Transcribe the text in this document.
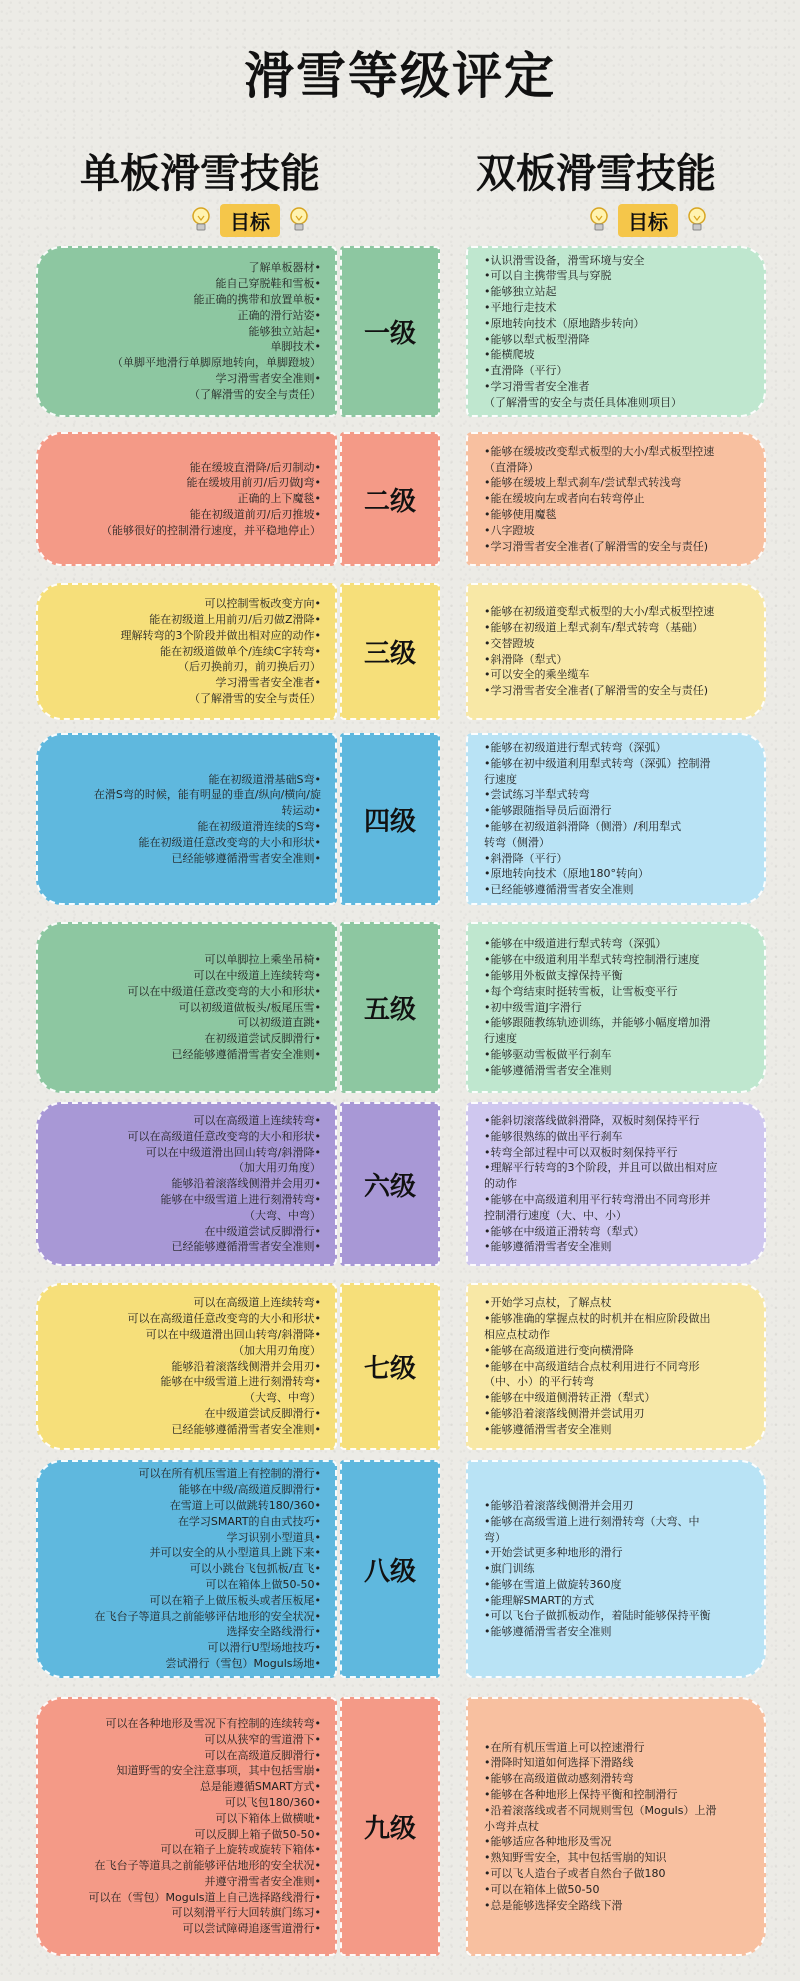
滑雪等级评定
单板滑雪技能	双板滑雪技能
目标	目标
了解单板器材•
能自己穿脱鞋和雪板•
能正确的携带和放置单板•
正确的滑行站姿•
能够独立站起•
单脚技术•
（单脚平地滑行单脚原地转向，单脚蹬坡）
学习滑雪者安全准则•
（了解滑雪的安全与责任）
一级
•认识滑雪设备，滑雪环境与安全
•可以自主携带雪具与穿脱
•能够独立站起
•平地行走技术
•原地转向技术（原地踏步转向）
•能够以犁式板型滑降
•能横爬坡
•直滑降（平行）
•学习滑雪者安全准者
（了解滑雪的安全与责任具体准则项目）
能在缓坡直滑降/后刃制动•
能在缓坡用前刃/后刃做J弯•
正确的上下魔毯•
能在初级道前刃/后刃推坡•
（能够很好的控制滑行速度，并平稳地停止）
二级
•能够在缓坡改变犁式板型的大小/犁式板型控速
（直滑降）
•能够在缓坡上犁式刹车/尝试犁式转浅弯
•能在缓坡向左或者向右转弯停止
•能够使用魔毯
•八字蹬坡
•学习滑雪者安全准者(了解滑雪的安全与责任)
可以控制雪板改变方向•
能在初级道上用前刃/后刃做Z滑降•
理解转弯的3个阶段并做出相对应的动作•
能在初级道做单个/连续C字转弯•
（后刃换前刃，前刃换后刃）
学习滑雪者安全准者•
（了解滑雪的安全与责任）
三级
•能够在初级道变犁式板型的大小/犁式板型控速
•能够在初级道上犁式刹车/犁式转弯（基础）
•交替蹬坡
•斜滑降（犁式）
•可以安全的乘坐缆车
•学习滑雪者安全准者(了解滑雪的安全与责任)
能在初级道滑基础S弯•
在滑S弯的时候，能有明显的垂直/纵向/横向/旋
转运动•
能在初级道滑连续的S弯•
能在初级道任意改变弯的大小和形状•
已经能够遵循滑雪者安全准则•
四级
•能够在初级道进行犁式转弯（深弧）
•能够在初中级道利用犁式转弯（深弧）控制滑
行速度
•尝试练习半犁式转弯
•能够跟随指导员后面滑行
•能够在初级道斜滑降（侧滑）/利用犁式
转弯（侧滑）
•斜滑降（平行）
•原地转向技术（原地180°转向）
•已经能够遵循滑雪者安全准则
可以单脚拉上乘坐吊椅•
可以在中级道上连续转弯•
可以在中级道任意改变弯的大小和形状•
可以初级道做板头/板尾压雪•
可以初级道直跳•
在初级道尝试反脚滑行•
已经能够遵循滑雪者安全准则•
五级
•能够在中级道进行犁式转弯（深弧）
•能够在中级道利用半犁式转弯控制滑行速度
•能够用外板做支撑保持平衡
•每个弯结束时挺转雪板，让雪板变平行
•初中级雪道J字滑行
•能够跟随教练轨迹训练，并能够小幅度增加滑
行速度
•能够驱动雪板做平行刹车
•能够遵循滑雪者安全准则
可以在高级道上连续转弯•
可以在高级道任意改变弯的大小和形状•
可以在中级道滑出回山转弯/斜滑降•
（加大用刃角度）
能够沿着滚落线侧滑并会用刃•
能够在中级雪道上进行刻滑转弯•
（大弯、中弯）
在中级道尝试反脚滑行•
已经能够遵循滑雪者安全准则•
六级
•能斜切滚落线做斜滑降，双板时刻保持平行
•能够很熟练的做出平行刹车
•转弯全部过程中可以双板时刻保持平行
•理解平行转弯的3个阶段，并且可以做出相对应
的动作
•能够在中高级道利用平行转弯滑出不同弯形并
控制滑行速度（大、中、小）
•能够在中级道正滑转弯（犁式）
•能够遵循滑雪者安全准则
可以在高级道上连续转弯•
可以在高级道任意改变弯的大小和形状•
可以在中级道滑出回山转弯/斜滑降•
（加大用刃角度）
能够沿着滚落线侧滑并会用刃•
能够在中级雪道上进行刻滑转弯•
（大弯、中弯）
在中级道尝试反脚滑行•
已经能够遵循滑雪者安全准则•
七级
•开始学习点杖，了解点杖
•能够准确的掌握点杖的时机并在相应阶段做出
相应点杖动作
•能够在高级道进行变向横滑降
•能够在中高级道结合点杖利用进行不同弯形
（中、小）的平行转弯
•能够在中级道侧滑转正滑（犁式）
•能够沿着滚落线侧滑并尝试用刃
•能够遵循滑雪者安全准则
可以在所有机压雪道上有控制的滑行•
能够在中级/高级道反脚滑行•
在雪道上可以做跳转180/360•
在学习SMART的自由式技巧•
学习识别小型道具•
并可以安全的从小型道具上跳下来•
可以小跳台飞包抓板/直飞•
可以在箱体上做50-50•
可以在箱子上做压板头或者压板尾•
在飞台子等道具之前能够评估地形的安全状况•
选择安全路线滑行•
可以滑行U型场地技巧•
尝试滑行（雪包）Moguls场地•
八级
•能够沿着滚落线侧滑并会用刃
•能够在高级雪道上进行刻滑转弯（大弯、中
弯）
•开始尝试更多种地形的滑行
•旗门训练
•能够在雪道上做旋转360度
•能理解SMART的方式
•可以飞台子做抓板动作，着陆时能够保持平衡
•能够遵循滑雪者安全准则
可以在各种地形及雪况下有控制的连续转弯•
可以从狭窄的雪道滑下•
可以在高级道反脚滑行•
知道野雪的安全注意事项，其中包括雪崩•
总是能遵循SMART方式•
可以飞包180/360•
可以下箱体上做横呲•
可以反脚上箱子做50-50•
可以在箱子上旋转或旋转下箱体•
在飞台子等道具之前能够评估地形的安全状况•
并遵守滑雪者安全准则•
可以在（雪包）Moguls道上自己选择路线滑行•
可以刻滑平行大回转旗门练习•
可以尝试障碍追逐雪道滑行•
九级
•在所有机压雪道上可以控速滑行
•滑降时知道如何选择下滑路线
•能够在高级道做动感刻滑转弯
•能够在各种地形上保持平衡和控制滑行
•沿着滚落线或者不同规则雪包（Moguls）上滑
小弯并点杖
•能够适应各种地形及雪况
•熟知野雪安全，其中包括雪崩的知识
•可以飞人造台子或者自然台子做180
•可以在箱体上做50-50
•总是能够选择安全路线下滑
